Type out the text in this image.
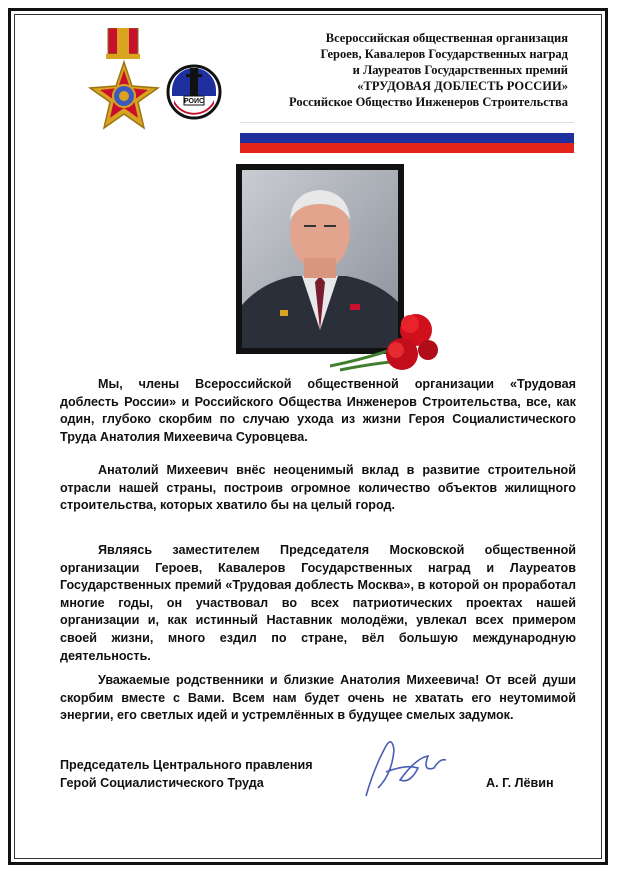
РОИС
Всероссийская общественная организация
Героев, Кавалеров Государственных наград
и Лауреатов Государственных премий
«ТРУДОВАЯ ДОБЛЕСТЬ РОССИИ»
Российское Общество Инженеров Строительства

Мы, члены Всероссийской общественной организации «Трудовая доблесть России» и Российского Общества Инженеров Строительства, все, как один, глубоко скорбим по случаю ухода из жизни Героя Социалистического Труда Анатолия Михеевича Суровцева.

Анатолий Михеевич внёс неоценимый вклад в развитие строительной отрасли нашей страны, построив огромное количество объектов жилищного строительства, которых хватило бы на целый город.

Являясь заместителем Председателя Московской общественной организации Героев, Кавалеров Государственных наград и Лауреатов Государственных премий «Трудовая доблесть Москва», в которой он проработал многие годы, он участвовал во всех патриотических проектах нашей организации и, как истинный Наставник молодёжи, увлекал всех примером своей жизни, много ездил по стране, вёл большую международную деятельность.

Уважаемые родственники и близкие Анатолия Михеевича! От всей души скорбим вместе с Вами. Всем нам будет очень не хватать его неутомимой энергии, его светлых идей и устремлённых в будущее смелых задумок.

Председатель Центрального правления
Герой Социалистического Труда	А. Г. Лёвин
